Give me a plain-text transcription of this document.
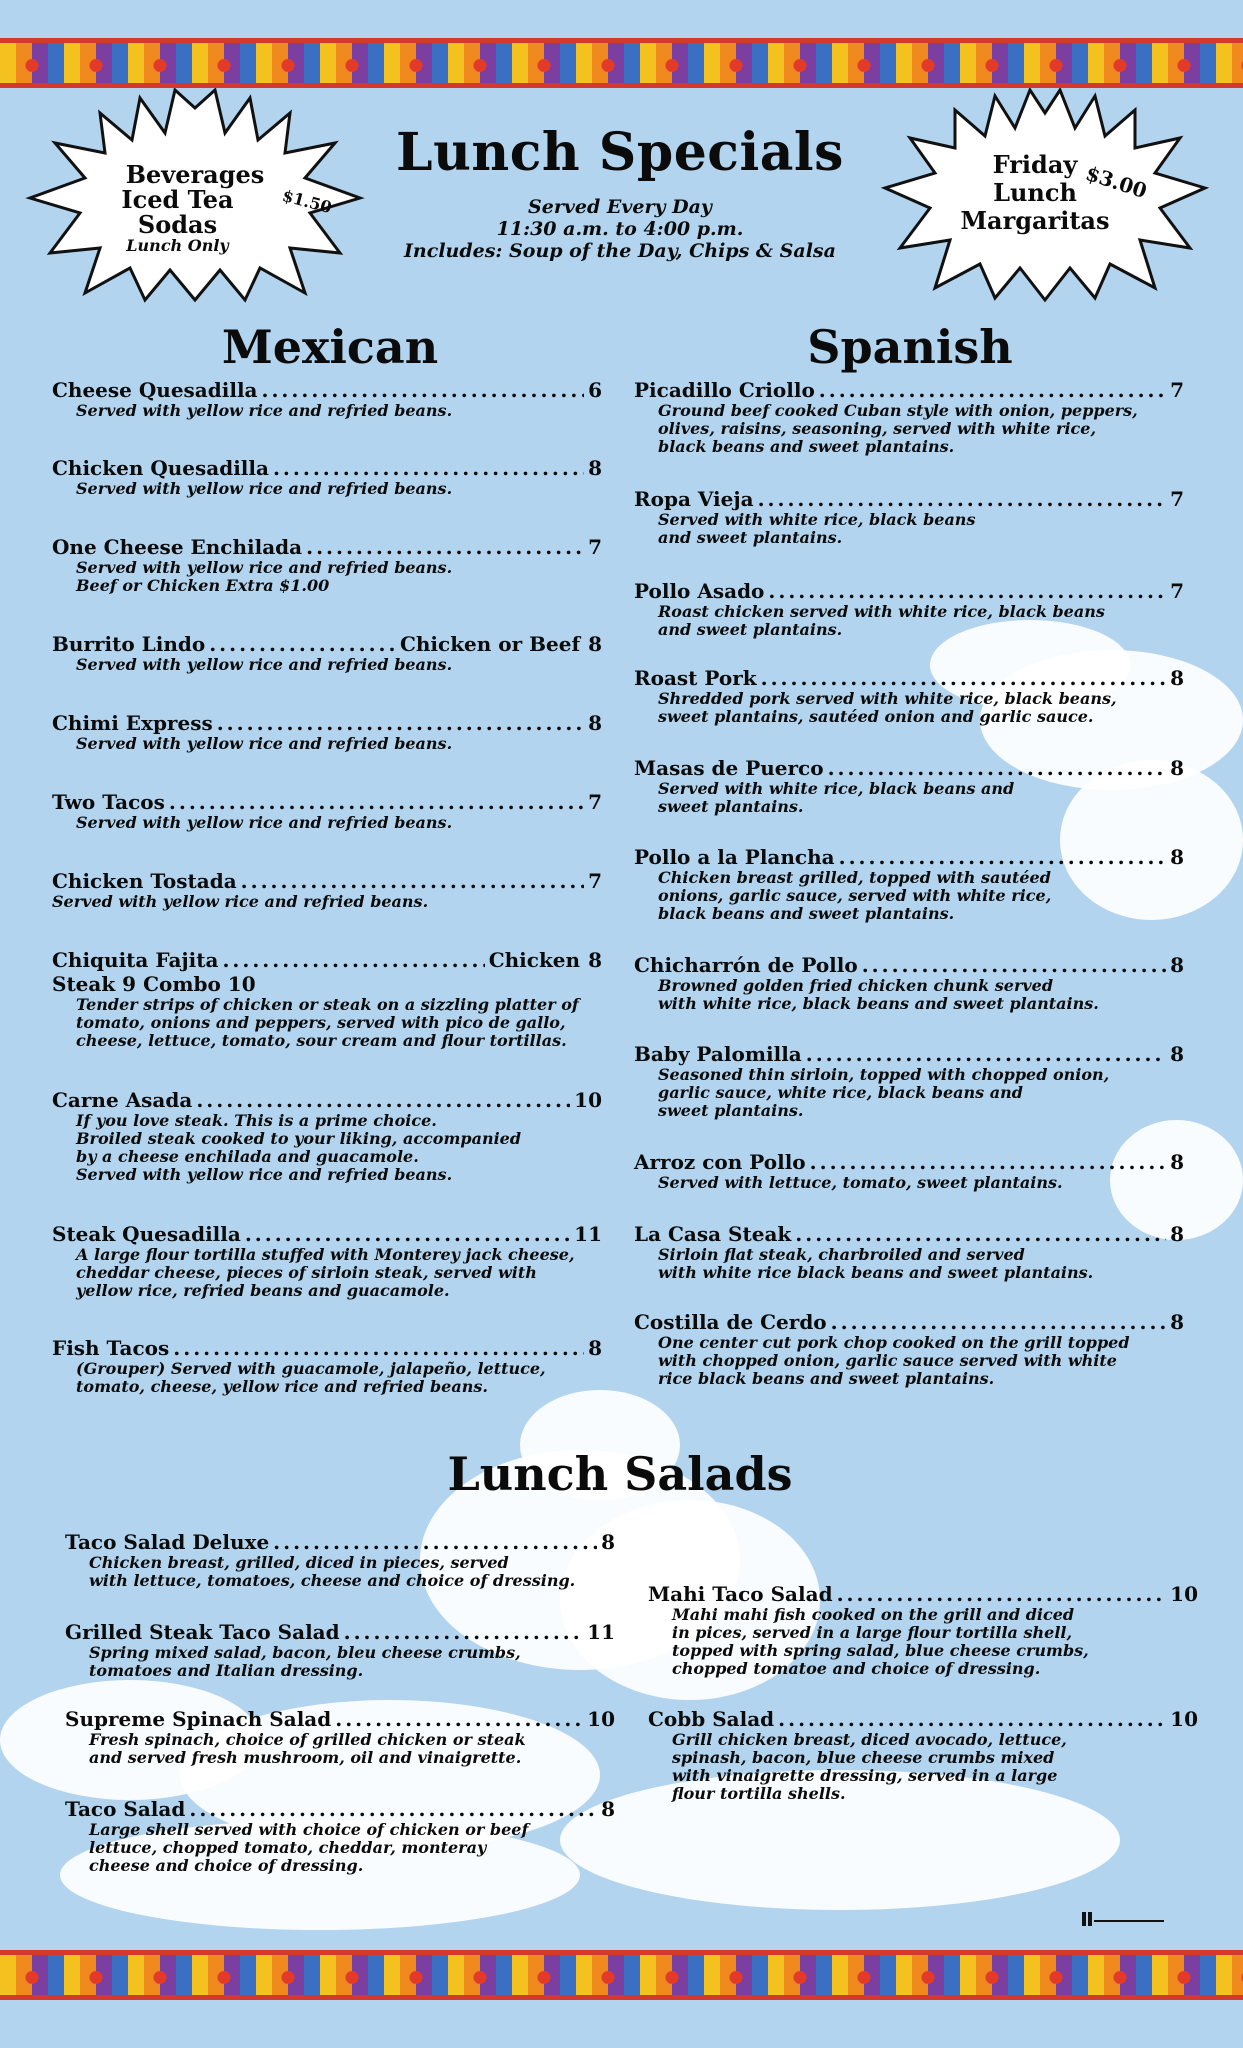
Beverages
Iced Tea	$1.50
Sodas
Lunch Only
Friday $3.00
Lunch
Margaritas
Lunch Specials
Served Every Day
11:30 a.m. to 4:00 p.m.
Includes: Soup of the Day, Chips & Salsa
Mexican	Spanish
Lunch Salads
Cheese Quesadilla .....	6
Served with yellow rice and refried beans.
Chicken Quesadilla .....	8
Served with yellow rice and refried beans.
One Cheese Enchilada .....	7
Served with yellow rice and refried beans.
Beef or Chicken Extra $1.00
Burrito Lindo .....	Chicken or Beef 8
Served with yellow rice and refried beans.
Chimi Express .....	8
Served with yellow rice and refried beans.
Two Tacos .....	7
Served with yellow rice and refried beans.
Chicken Tostada .....	7
Served with yellow rice and refried beans.
Chiquita Fajita .....	Chicken 8
Steak 9 Combo 10
Tender strips of chicken or steak on a sizzling platter of
tomato, onions and peppers, served with pico de gallo,
cheese, lettuce, tomato, sour cream and flour tortillas.
Carne Asada .....	10
If you love steak. This is a prime choice.
Broiled steak cooked to your liking, accompanied
by a cheese enchilada and guacamole.
Served with yellow rice and refried beans.
Steak Quesadilla .....	11
A large flour tortilla stuffed with Monterey jack cheese,
cheddar cheese, pieces of sirloin steak, served with
yellow rice, refried beans and guacamole.
Fish Tacos .....	8
(Grouper) Served with guacamole, jalapeño, lettuce,
tomato, cheese, yellow rice and refried beans.
Picadillo Criollo .....	7
Ground beef cooked Cuban style with onion, peppers,
olives, raisins, seasoning, served with white rice,
black beans and sweet plantains.
Ropa Vieja .....	7
Served with white rice, black beans
and sweet plantains.
Pollo Asado .....	7
Roast chicken served with white rice, black beans
and sweet plantains.
Roast Pork .....	8
Shredded pork served with white rice, black beans,
sweet plantains, sautéed onion and garlic sauce.
Masas de Puerco .....	8
Served with white rice, black beans and
sweet plantains.
Pollo a la Plancha .....	8
Chicken breast grilled, topped with sautéed
onions, garlic sauce, served with white rice,
black beans and sweet plantains.
Chicharrón de Pollo .....	8
Browned golden fried chicken chunk served
with white rice, black beans and sweet plantains.
Baby Palomilla .....	8
Seasoned thin sirloin, topped with chopped onion,
garlic sauce, white rice, black beans and
sweet plantains.
Arroz con Pollo .....	8
Served with lettuce, tomato, sweet plantains.
La Casa Steak .....	8
Sirloin flat steak, charbroiled and served
with white rice black beans and sweet plantains.
Costilla de Cerdo .....	8
One center cut pork chop cooked on the grill topped
with chopped onion, garlic sauce served with white
rice black beans and sweet plantains.
Taco Salad Deluxe .....	8
Chicken breast, grilled, diced in pieces, served
with lettuce, tomatoes, cheese and choice of dressing.
Grilled Steak Taco Salad .....	11
Spring mixed salad, bacon, bleu cheese crumbs,
tomatoes and Italian dressing.
Supreme Spinach Salad .....	10
Fresh spinach, choice of grilled chicken or steak
and served fresh mushroom, oil and vinaigrette.
Taco Salad .....	8
Large shell served with choice of chicken or beef
lettuce, chopped tomato, cheddar, monteray
cheese and choice of dressing.
Mahi Taco Salad .....	10
Mahi mahi fish cooked on the grill and diced
in pices, served in a large flour tortilla shell,
topped with spring salad, blue cheese crumbs,
chopped tomatoe and choice of dressing.
Cobb Salad .....	10
Grill chicken breast, diced avocado, lettuce,
spinash, bacon, blue cheese crumbs mixed
with vinaigrette dressing, served in a large
flour tortilla shells.
